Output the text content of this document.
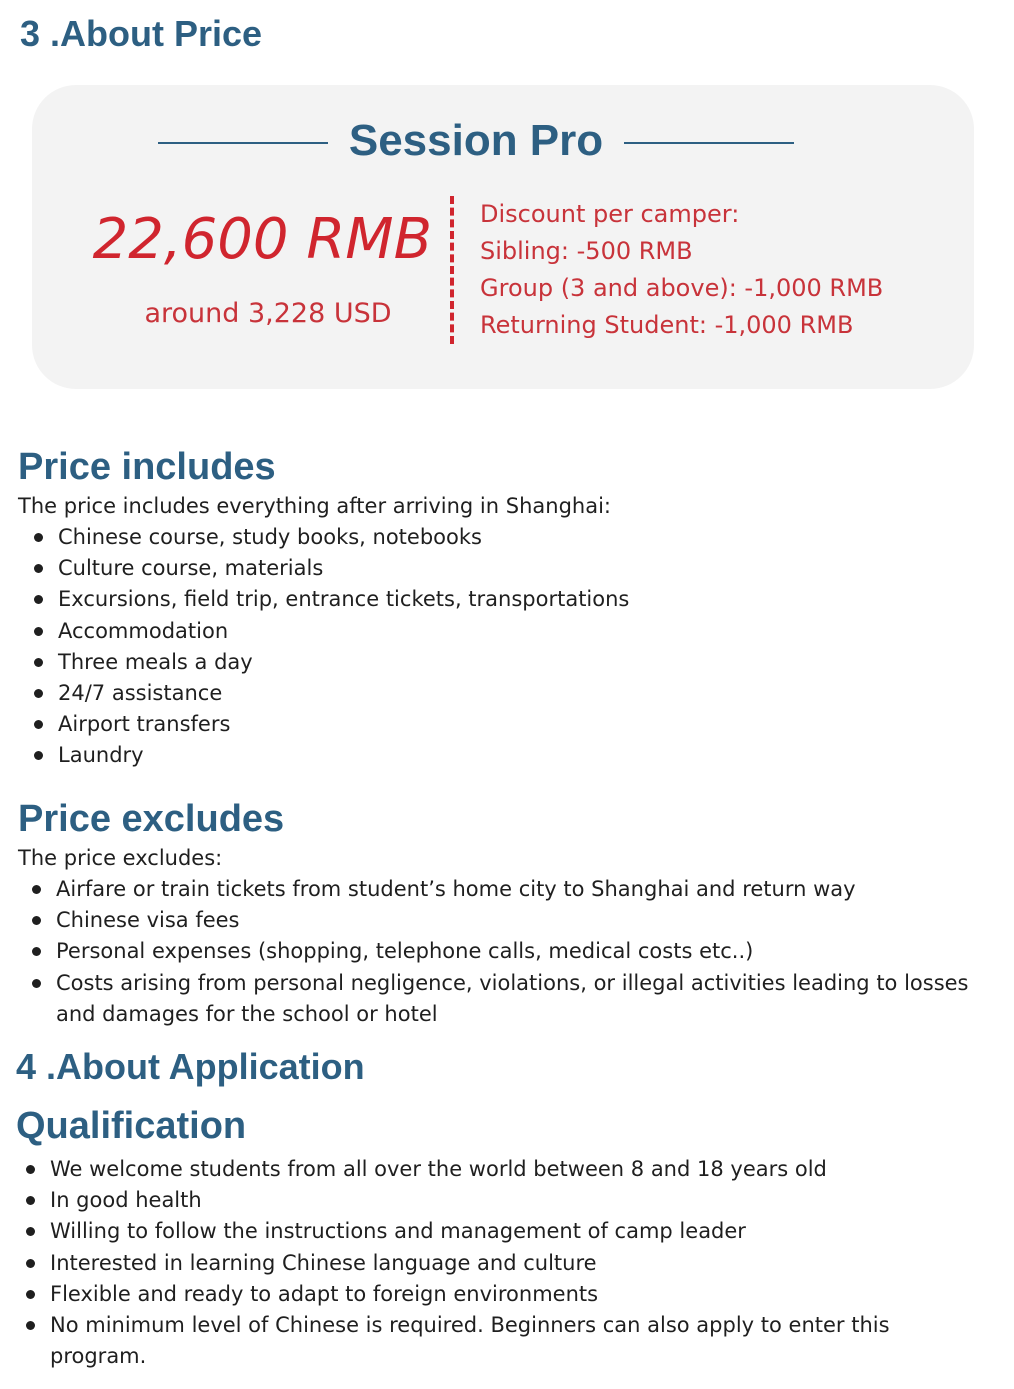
3 .About Price
Session Pro
22,600 RMB
around 3,228 USD
Discount per camper:
Sibling: -500 RMB
Group (3 and above): -1,000 RMB
Returning Student: -1,000 RMB
Price includes
The price includes everything after arriving in Shanghai:
Chinese course, study books, notebooks
Culture course, materials
Excursions, field trip, entrance tickets, transportations
Accommodation
Three meals a day
24/7 assistance
Airport transfers
Laundry
Price excludes
The price excludes:
Airfare or train tickets from student’s home city to Shanghai and return way
Chinese visa fees
Personal expenses (shopping, telephone calls, medical costs etc..)
Costs arising from personal negligence, violations, or illegal activities leading to losses and damages for the school or hotel
4 .About Application
Qualification
We welcome students from all over the world between 8 and 18 years old
In good health
Willing to follow the instructions and management of camp leader
Interested in learning Chinese language and culture
Flexible and ready to adapt to foreign environments
No minimum level of Chinese is required. Beginners can also apply to enter this program.
